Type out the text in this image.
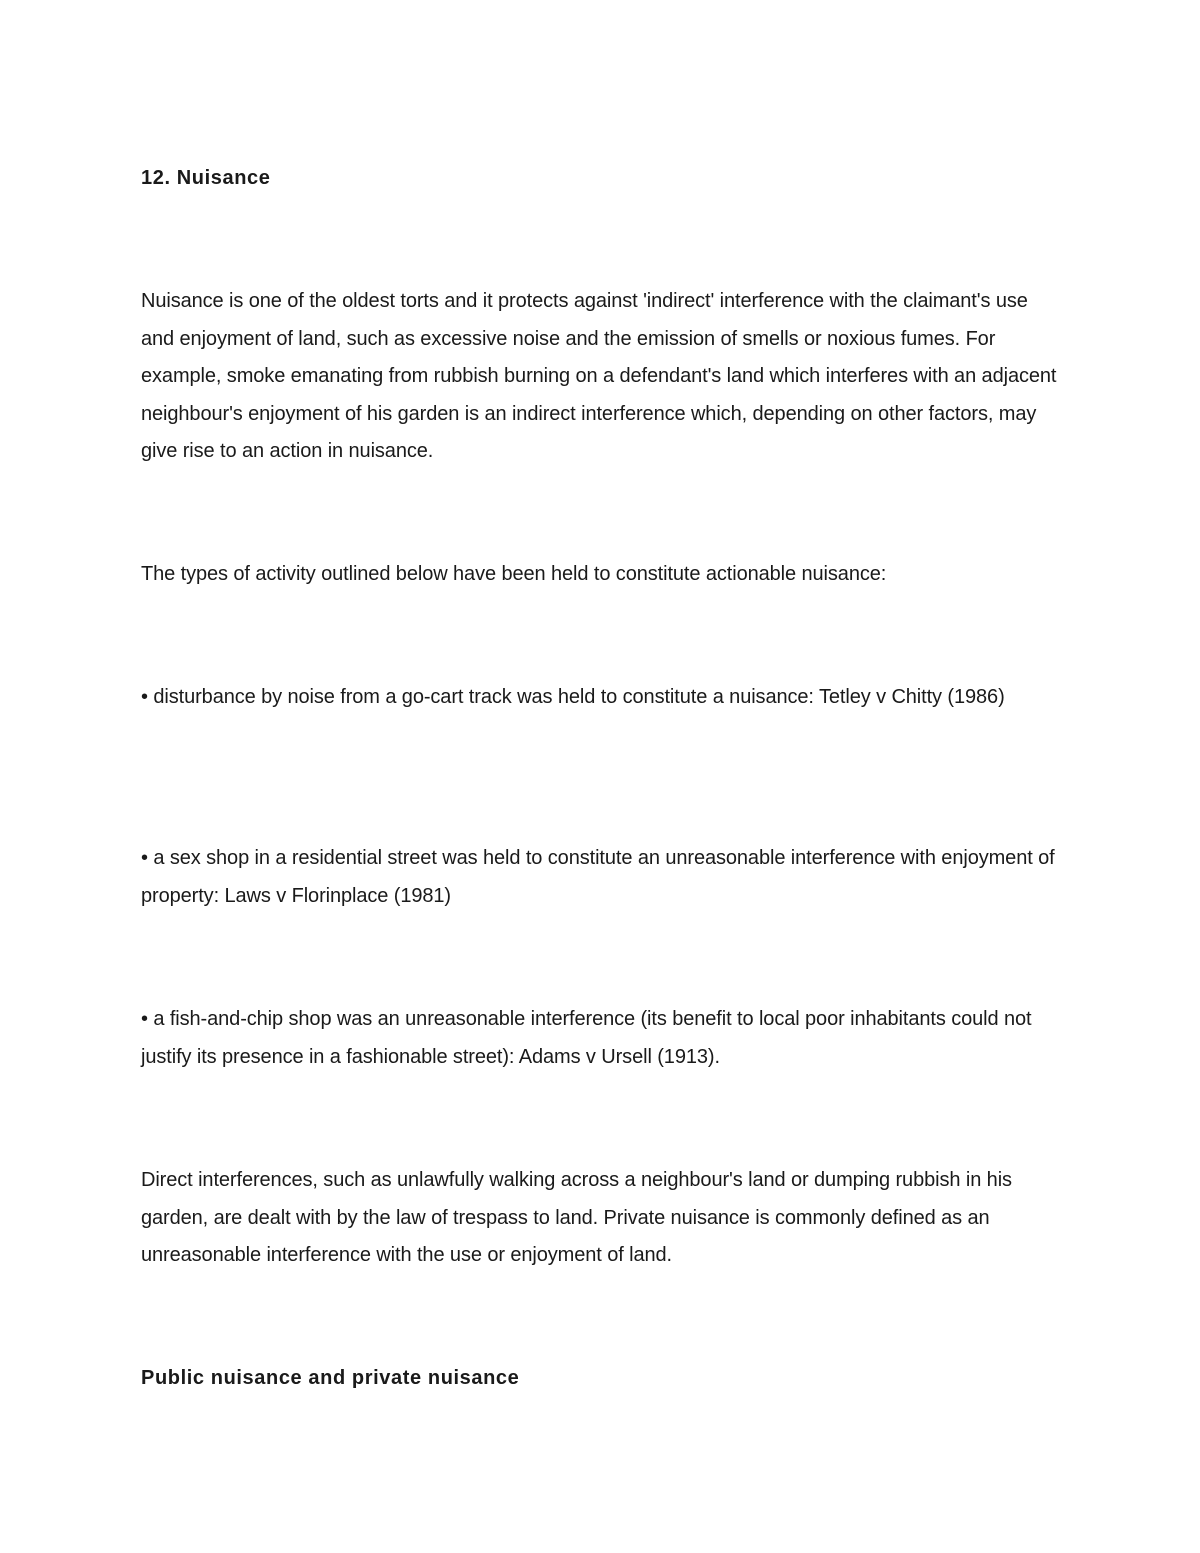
12. Nuisance

Nuisance is one of the oldest torts and it protects against 'indirect' interference with the claimant's use and enjoyment of land, such as excessive noise and the emission of smells or noxious fumes. For example, smoke emanating from rubbish burning on a defendant's land which interferes with an adjacent neighbour's enjoyment of his garden is an indirect interference which, depending on other factors, may give rise to an action in nuisance.

The types of activity outlined below have been held to constitute actionable nuisance:

• disturbance by noise from a go-cart track was held to constitute a nuisance: Tetley v Chitty (1986)

• a sex shop in a residential street was held to constitute an unreasonable interference with enjoyment of property: Laws v Florinplace (1981)

• a fish-and-chip shop was an unreasonable interference (its benefit to local poor inhabitants could not justify its presence in a fashionable street): Adams v Ursell (1913).

Direct interferences, such as unlawfully walking across a neighbour's land or dumping rubbish in his garden, are dealt with by the law of trespass to land. Private nuisance is commonly defined as an unreasonable interference with the use or enjoyment of land.

Public nuisance and private nuisance
